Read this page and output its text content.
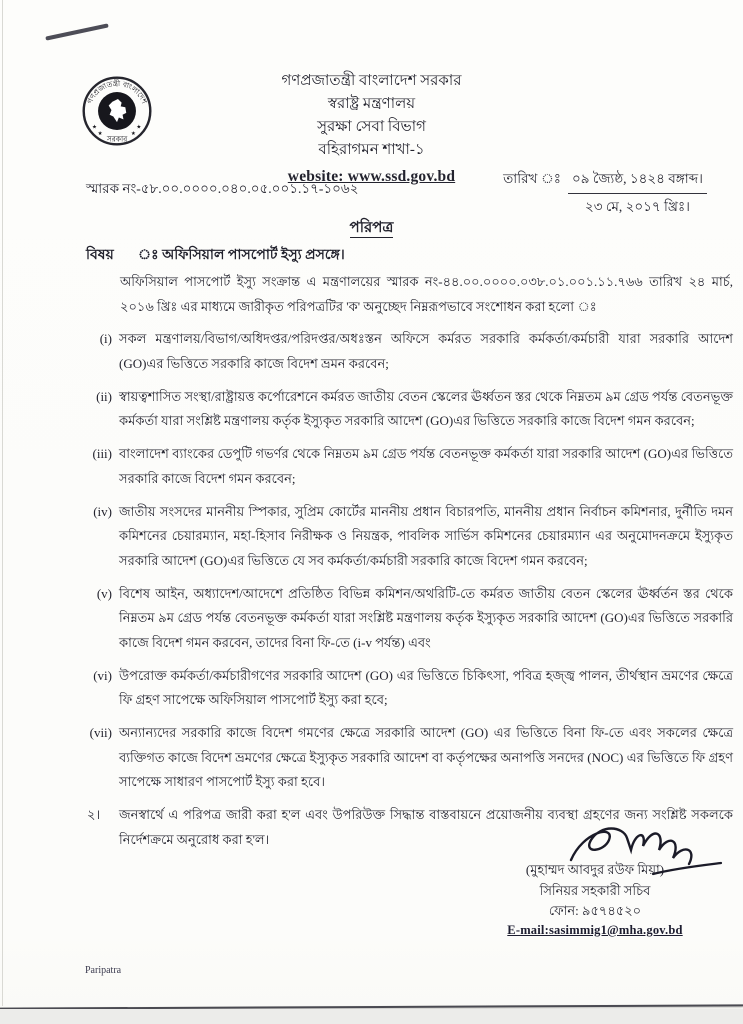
গণপ্রজাতন্ত্রী বাংলাদেশ
সরকার
★	★
★	★
গণপ্রজাতন্ত্রী বাংলাদেশ সরকার
স্বরাষ্ট্র মন্ত্রণালয়
সুরক্ষা সেবা বিভাগ
বহিরাগমন শাখা-১
website: www.ssd.gov.bd
স্মারক নং-৫৮.০০.০০০০.০৪০.০৫.০০১.১৭-১০৬২
তারিখ ঃ ০৯ জ্যৈষ্ঠ, ১৪২৪ বঙ্গাব্দ।
২৩ মে, ২০১৭ খ্রিঃ।
পরিপত্র
বিষয়	ঃ অফিসিয়াল পাসপোর্ট ইস্যু প্রসঙ্গে।
অফিসিয়াল পাসপোর্ট ইস্যু সংক্রান্ত এ মন্ত্রণালয়ের স্মারক নং-৪৪.০০.০০০০.০৩৮.০১.০০১.১১.৭৬৬ তারিখ ২৪ মার্চ, ২০১৬ খ্রিঃ এর মাধ্যমে জারীকৃত পরিপত্রটির 'ক' অনুচ্ছেদ নিম্নরূপভাবে সংশোধন করা হলো ঃ
(i) সকল মন্ত্রণালয়/বিভাগ/অধিদপ্তর/পরিদপ্তর/অধঃস্তন অফিসে কর্মরত সরকারি কর্মকর্তা/কর্মচারী যারা সরকারি আদেশ (GO)এর ভিত্তিতে সরকারি কাজে বিদেশ ভ্রমন করবেন;
(ii) স্বায়ত্বশাসিত সংস্থা/রাষ্ট্রায়ত্ত কর্পোরেশনে কর্মরত জাতীয় বেতন স্কেলের ঊর্ধ্বতন স্তর থেকে নিম্নতম ৯ম গ্রেড পর্যন্ত বেতনভূক্ত কর্মকর্তা যারা সংশ্লিষ্ট মন্ত্রণালয় কর্তৃক ইস্যুকৃত সরকারি আদেশ (GO)এর ভিত্তিতে সরকারি কাজে বিদেশ গমন করবেন;
(iii) বাংলাদেশ ব্যাংকের ডেপুটি গভর্ণর থেকে নিম্নতম ৯ম গ্রেড পর্যন্ত বেতনভূক্ত কর্মকর্তা যারা সরকারি আদেশ (GO)এর ভিত্তিতে সরকারি কাজে বিদেশ গমন করবেন;
(iv) জাতীয় সংসদের মাননীয় স্পিকার, সুপ্রিম কোর্টের মাননীয় প্রধান বিচারপতি, মাননীয় প্রধান নির্বাচন কমিশনার, দুর্নীতি দমন কমিশনের চেয়ারম্যান, মহা-হিসাব নিরীক্ষক ও নিয়ন্ত্রক, পাবলিক সার্ভিস কমিশনের চেয়ারম্যান এর অনুমোদনক্রমে ইস্যুকৃত সরকারি আদেশ (GO)এর ভিত্তিতে যে সব কর্মকর্তা/কর্মচারী সরকারি কাজে বিদেশ গমন করবেন;
(v) বিশেষ আইন, অধ্যাদেশ/আদেশে প্রতিষ্ঠিত বিভিন্ন কমিশন/অথরিটি-তে কর্মরত জাতীয় বেতন স্কেলের ঊর্ধ্বর্তন স্তর থেকে নিম্নতম ৯ম গ্রেড পর্যন্ত বেতনভূক্ত কর্মকর্তা যারা সংশ্লিষ্ট মন্ত্রণালয় কর্তৃক ইস্যুকৃত সরকারি আদেশ (GO)এর ভিত্তিতে সরকারি কাজে বিদেশ গমন করবেন, তাদের বিনা ফি-তে (i-v পর্যন্ত) এবং
(vi) উপরোক্ত কর্মকর্তা/কর্মচারীগণের সরকারি আদেশ (GO) এর ভিত্তিতে চিকিৎসা, পবিত্র হজ্জ্ব পালন, তীর্থস্থান ভ্রমণের ক্ষেত্রে ফি গ্রহণ সাপেক্ষে অফিসিয়াল পাসপোর্ট ইস্যু করা হবে;
(vii) অন্যান্যদের সরকারি কাজে বিদেশ গমণের ক্ষেত্রে সরকারি আদেশ (GO) এর ভিত্তিতে বিনা ফি-তে এবং সকলের ক্ষেত্রে ব্যক্তিগত কাজে বিদেশ ভ্রমণের ক্ষেত্রে ইস্যুকৃত সরকারি আদেশ বা কর্তৃপক্ষের অনাপত্তি সনদের (NOC) এর ভিত্তিতে ফি গ্রহণ সাপেক্ষে সাধারণ পাসপোর্ট ইস্যু করা হবে।
২।	জনস্বার্থে এ পরিপত্র জারী করা হ'ল এবং উপরিউক্ত সিদ্ধান্ত বাস্তবায়নে প্রয়োজনীয় ব্যবস্থা গ্রহণের জন্য সংশ্লিষ্ট সকলকে নির্দেশক্রমে অনুরোধ করা হ'ল।
(মুহাম্মদ আবদুর রউফ মিয়া)
সিনিয়র সহকারী সচিব
ফোন: ৯৫৭৪৫২০
E-mail:sasimmig1@mha.gov.bd
Paripatra
